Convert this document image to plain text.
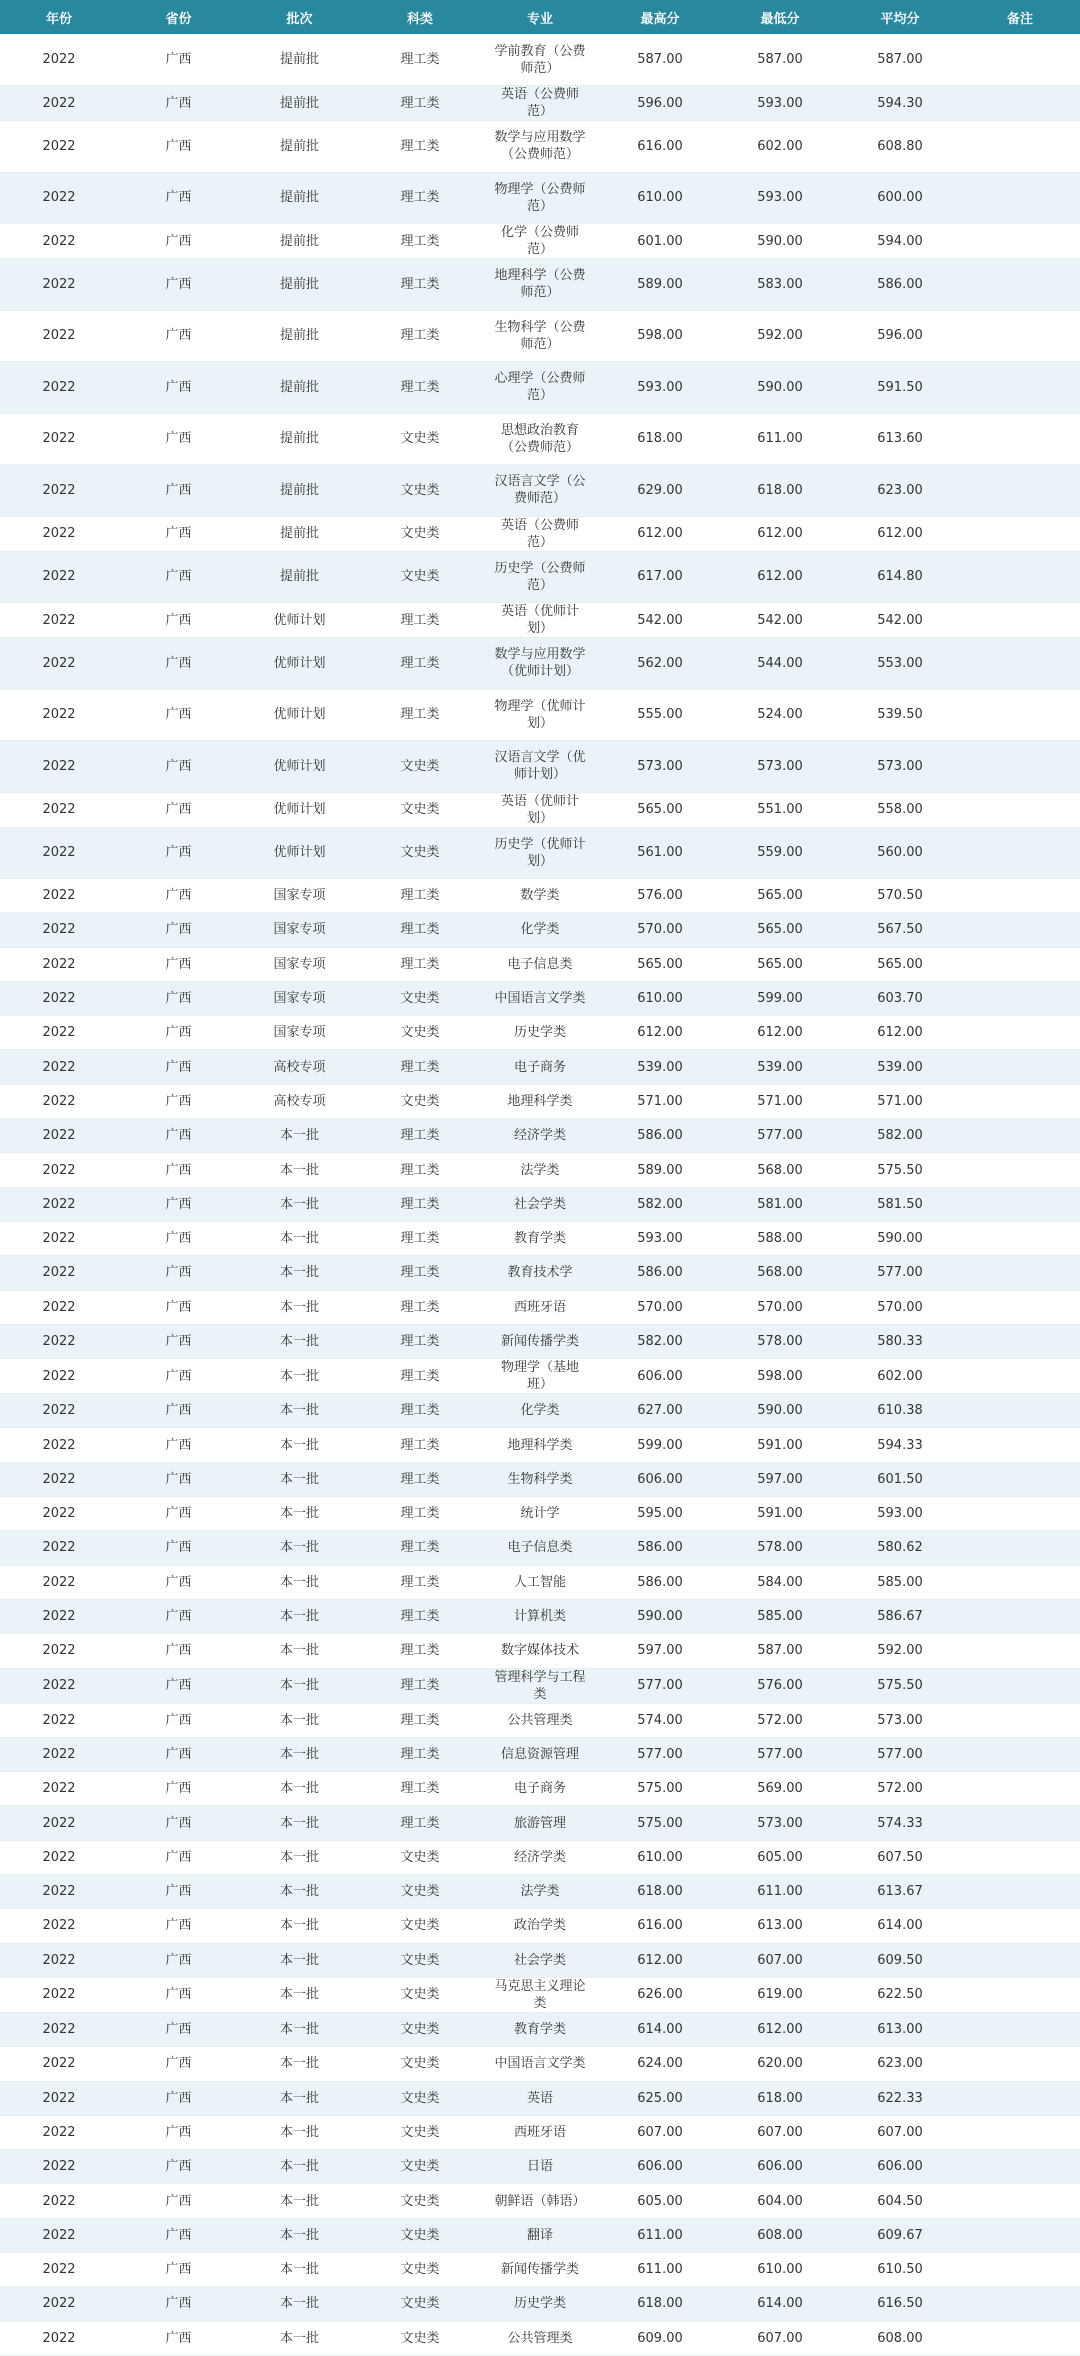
年份	省份	批次	科类	专业	最高分	最低分	平均分	备注
2022	广西	提前批	理工类	学前教育（公费师范）	587.00	587.00	587.00	
2022	广西	提前批	理工类	英语（公费师范）	596.00	593.00	594.30	
2022	广西	提前批	理工类	数学与应用数学（公费师范）	616.00	602.00	608.80	
2022	广西	提前批	理工类	物理学（公费师范）	610.00	593.00	600.00	
2022	广西	提前批	理工类	化学（公费师范）	601.00	590.00	594.00	
2022	广西	提前批	理工类	地理科学（公费师范）	589.00	583.00	586.00	
2022	广西	提前批	理工类	生物科学（公费师范）	598.00	592.00	596.00	
2022	广西	提前批	理工类	心理学（公费师范）	593.00	590.00	591.50	
2022	广西	提前批	文史类	思想政治教育（公费师范）	618.00	611.00	613.60	
2022	广西	提前批	文史类	汉语言文学（公费师范）	629.00	618.00	623.00	
2022	广西	提前批	文史类	英语（公费师范）	612.00	612.00	612.00	
2022	广西	提前批	文史类	历史学（公费师范）	617.00	612.00	614.80	
2022	广西	优师计划	理工类	英语（优师计划）	542.00	542.00	542.00	
2022	广西	优师计划	理工类	数学与应用数学（优师计划）	562.00	544.00	553.00	
2022	广西	优师计划	理工类	物理学（优师计划）	555.00	524.00	539.50	
2022	广西	优师计划	文史类	汉语言文学（优师计划）	573.00	573.00	573.00	
2022	广西	优师计划	文史类	英语（优师计划）	565.00	551.00	558.00	
2022	广西	优师计划	文史类	历史学（优师计划）	561.00	559.00	560.00	
2022	广西	国家专项	理工类	数学类	576.00	565.00	570.50	
2022	广西	国家专项	理工类	化学类	570.00	565.00	567.50	
2022	广西	国家专项	理工类	电子信息类	565.00	565.00	565.00	
2022	广西	国家专项	文史类	中国语言文学类	610.00	599.00	603.70	
2022	广西	国家专项	文史类	历史学类	612.00	612.00	612.00	
2022	广西	高校专项	理工类	电子商务	539.00	539.00	539.00	
2022	广西	高校专项	文史类	地理科学类	571.00	571.00	571.00	
2022	广西	本一批	理工类	经济学类	586.00	577.00	582.00	
2022	广西	本一批	理工类	法学类	589.00	568.00	575.50	
2022	广西	本一批	理工类	社会学类	582.00	581.00	581.50	
2022	广西	本一批	理工类	教育学类	593.00	588.00	590.00	
2022	广西	本一批	理工类	教育技术学	586.00	568.00	577.00	
2022	广西	本一批	理工类	西班牙语	570.00	570.00	570.00	
2022	广西	本一批	理工类	新闻传播学类	582.00	578.00	580.33	
2022	广西	本一批	理工类	物理学（基地班）	606.00	598.00	602.00	
2022	广西	本一批	理工类	化学类	627.00	590.00	610.38	
2022	广西	本一批	理工类	地理科学类	599.00	591.00	594.33	
2022	广西	本一批	理工类	生物科学类	606.00	597.00	601.50	
2022	广西	本一批	理工类	统计学	595.00	591.00	593.00	
2022	广西	本一批	理工类	电子信息类	586.00	578.00	580.62	
2022	广西	本一批	理工类	人工智能	586.00	584.00	585.00	
2022	广西	本一批	理工类	计算机类	590.00	585.00	586.67	
2022	广西	本一批	理工类	数字媒体技术	597.00	587.00	592.00	
2022	广西	本一批	理工类	管理科学与工程类	577.00	576.00	575.50	
2022	广西	本一批	理工类	公共管理类	574.00	572.00	573.00	
2022	广西	本一批	理工类	信息资源管理	577.00	577.00	577.00	
2022	广西	本一批	理工类	电子商务	575.00	569.00	572.00	
2022	广西	本一批	理工类	旅游管理	575.00	573.00	574.33	
2022	广西	本一批	文史类	经济学类	610.00	605.00	607.50	
2022	广西	本一批	文史类	法学类	618.00	611.00	613.67	
2022	广西	本一批	文史类	政治学类	616.00	613.00	614.00	
2022	广西	本一批	文史类	社会学类	612.00	607.00	609.50	
2022	广西	本一批	文史类	马克思主义理论类	626.00	619.00	622.50	
2022	广西	本一批	文史类	教育学类	614.00	612.00	613.00	
2022	广西	本一批	文史类	中国语言文学类	624.00	620.00	623.00	
2022	广西	本一批	文史类	英语	625.00	618.00	622.33	
2022	广西	本一批	文史类	西班牙语	607.00	607.00	607.00	
2022	广西	本一批	文史类	日语	606.00	606.00	606.00	
2022	广西	本一批	文史类	朝鲜语（韩语）	605.00	604.00	604.50	
2022	广西	本一批	文史类	翻译	611.00	608.00	609.67	
2022	广西	本一批	文史类	新闻传播学类	611.00	610.00	610.50	
2022	广西	本一批	文史类	历史学类	618.00	614.00	616.50	
2022	广西	本一批	文史类	公共管理类	609.00	607.00	608.00	
